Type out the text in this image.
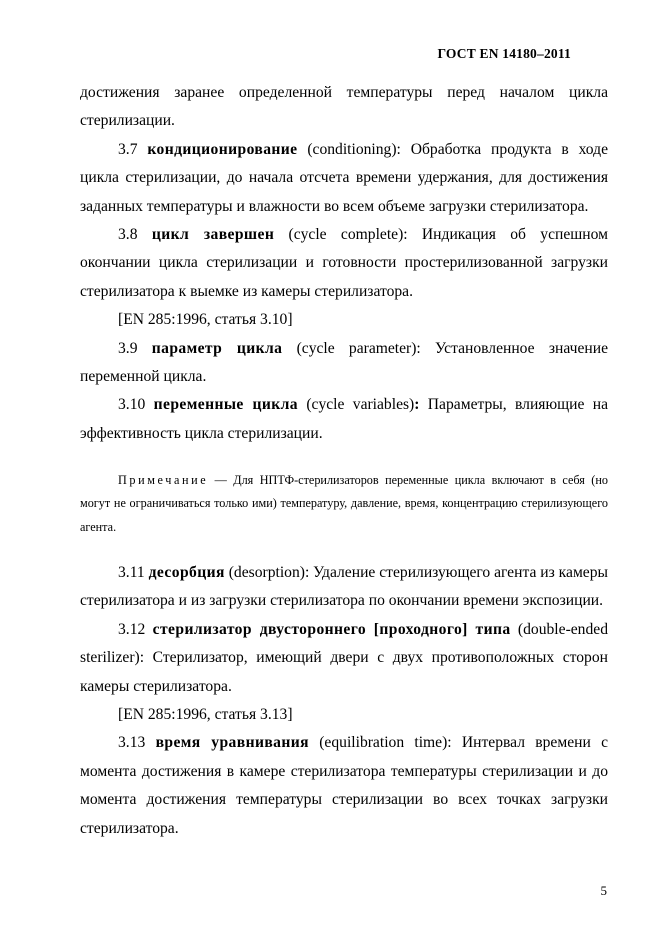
ГОСТ EN 14180–2011

достижения заранее определенной температуры перед началом цикла стерилизации.

3.7 кондиционирование (conditioning): Обработка продукта в ходе цикла стерилизации, до начала отсчета времени удержания, для достижения заданных температуры и влажности во всем объеме загрузки стерилизатора.

3.8 цикл завершен (cycle complete): Индикация об успешном окончании цикла стерилизации и готовности простерилизованной загрузки стерилизатора к выемке из камеры стерилизатора.

[EN 285:1996, статья 3.10]

3.9 параметр цикла (cycle parameter): Установленное значение переменной цикла.

3.10 переменные цикла (cycle variables): Параметры, влияющие на эффективность цикла стерилизации.

Примечание — Для НПТФ-стерилизаторов переменные цикла включают в себя (но могут не ограничиваться только ими) температуру, давление, время, концентрацию стерилизующего агента.

3.11 десорбция (desorption): Удаление стерилизующего агента из камеры стерилизатора и из загрузки стерилизатора по окончании времени экспозиции.

3.12 стерилизатор двустороннего [проходного] типа (double-ended sterilizer): Стерилизатор, имеющий двери с двух противоположных сторон камеры стерилизатора.

[EN 285:1996, статья 3.13]

3.13 время уравнивания (equilibration time): Интервал времени с момента достижения в камере стерилизатора температуры стерилизации и до момента достижения температуры стерилизации во всех точках загрузки стерилизатора.

5
